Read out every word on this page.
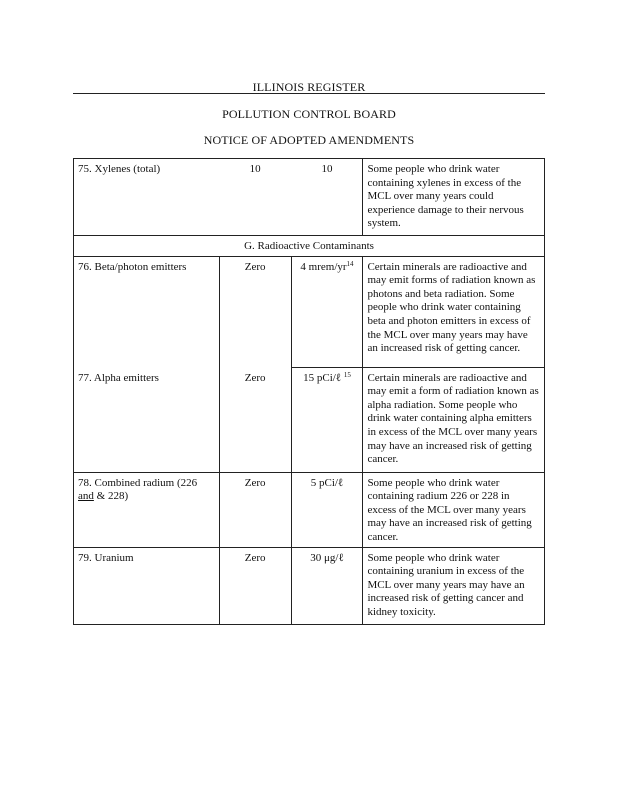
ILLINOIS REGISTER
POLLUTION CONTROL BOARD
NOTICE OF ADOPTED AMENDMENTS
75. Xylenes (total)	10	10	Some people who drink water containing xylenes in excess of the MCL over many years could experience damage to their nervous system.
G. Radioactive Contaminants			
76. Beta/photon emitters	Zero	4 mrem/$yr^{14}$	Certain minerals are radioactive and may emit forms of radiation known as photons and beta radiation. Some people who drink water containing beta and photon emitters in excess of the MCL over many years may have an increased risk of getting cancer.
77. Alpha emitters	Zero	15 pCi/ℓ $^{15}$	Certain minerals are radioactive and may emit a form of radiation known as alpha radiation. Some people who drink water containing alpha emitters in excess of the MCL over many years may have an increased risk of getting cancer.
78. Combined radium (226
and & 228)	Zero	5 pCi/ℓ	Some people who drink water containing radium 226 or 228 in excess of the MCL over many years may have an increased risk of getting cancer.
79. Uranium	Zero	30 μg/ℓ	Some people who drink water containing uranium in excess of the MCL over many years may have an increased risk of getting cancer and kidney toxicity.
